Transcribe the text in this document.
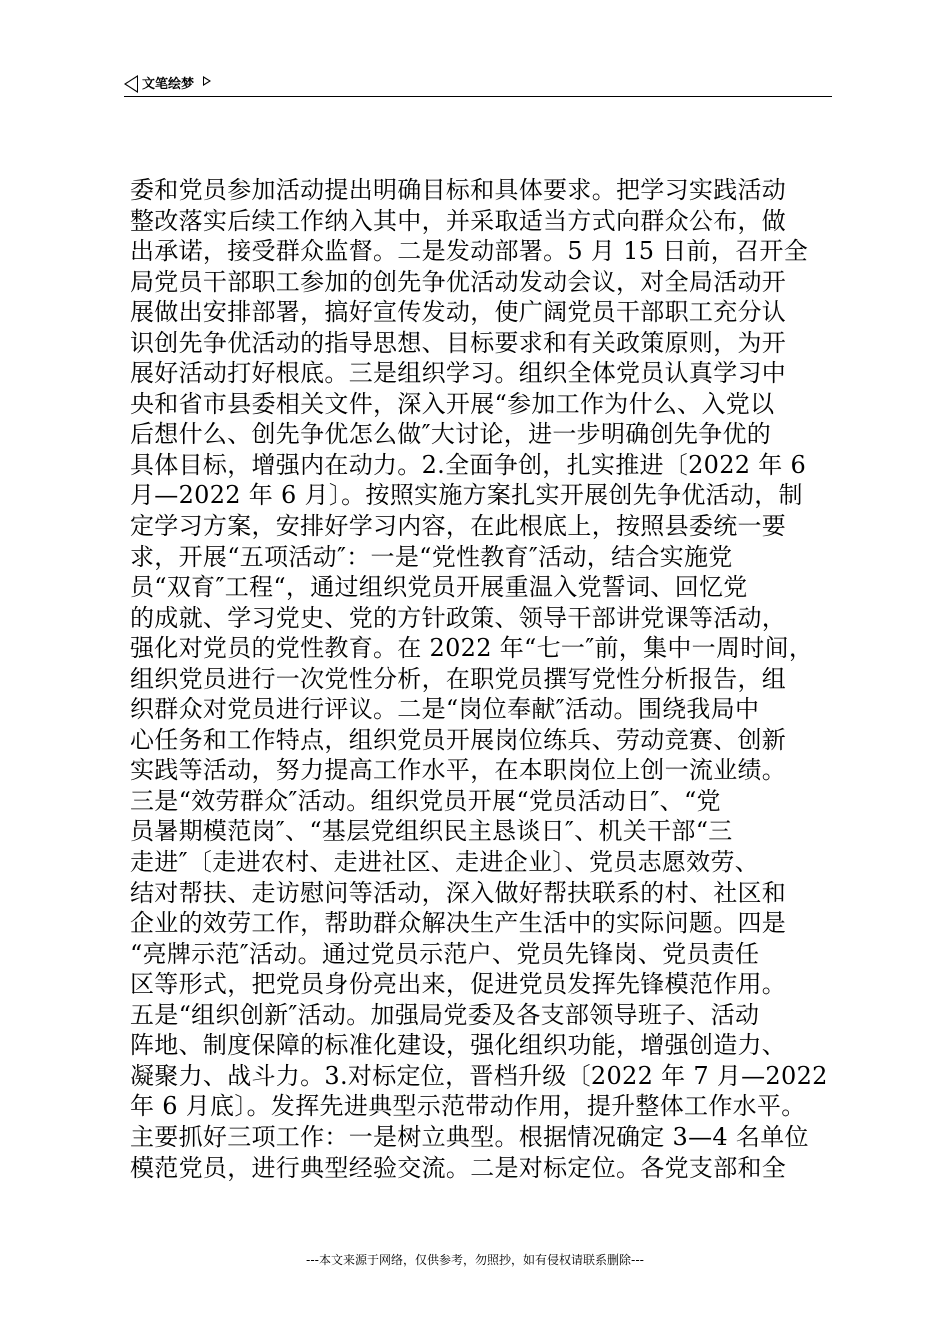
文笔绘梦
委和党员参加活动提出明确目标和具体要求。把学习实践活动
整改落实后续工作纳入其中，并采取适当方式向群众公布，做
出承诺，接受群众监督。二是发动部署。5 月 15 日前，召开全
局党员干部职工参加的创先争优活动发动会议，对全局活动开
展做出安排部署，搞好宣传发动，使广阔党员干部职工充分认
识创先争优活动的指导思想、目标要求和有关政策原则，为开
展好活动打好根底。三是组织学习。组织全体党员认真学习中
央和省市县委相关文件，深入开展“参加工作为什么、入党以
后想什么、创先争优怎么做″大讨论，进一步明确创先争优的
具体目标，增强内在动力。2.全面争创，扎实推进〔2022 年 6
月—2022 年 6 月〕。按照实施方案扎实开展创先争优活动，制
定学习方案，安排好学习内容，在此根底上，按照县委统一要
求，开展“五项活动″：一是“党性教育″活动，结合实施党
员“双育″工程“，通过组织党员开展重温入党誓词、回忆党
的成就、学习党史、党的方针政策、领导干部讲党课等活动，
强化对党员的党性教育。在 2022 年“七一″前，集中一周时间，
组织党员进行一次党性分析，在职党员撰写党性分析报告，组
织群众对党员进行评议。二是“岗位奉献″活动。围绕我局中
心任务和工作特点，组织党员开展岗位练兵、劳动竞赛、创新
实践等活动，努力提高工作水平，在本职岗位上创一流业绩。
三是“效劳群众″活动。组织党员开展“党员活动日″、“党
员暑期模范岗″、“基层党组织民主恳谈日″、机关干部“三
走进″〔走进农村、走进社区、走进企业〕、党员志愿效劳、
结对帮扶、走访慰问等活动，深入做好帮扶联系的村、社区和
企业的效劳工作，帮助群众解决生产生活中的实际问题。四是
“亮牌示范″活动。通过党员示范户、党员先锋岗、党员责任
区等形式，把党员身份亮出来，促进党员发挥先锋模范作用。
五是“组织创新″活动。加强局党委及各支部领导班子、活动
阵地、制度保障的标准化建设，强化组织功能，增强创造力、
凝聚力、战斗力。3.对标定位，晋档升级〔2022 年 7 月—2022
年 6 月底〕。发挥先进典型示范带动作用，提升整体工作水平。
主要抓好三项工作：一是树立典型。根据情况确定 3—4 名单位
模范党员，进行典型经验交流。二是对标定位。各党支部和全
---本文来源于网络，仅供参考，勿照抄，如有侵权请联系删除---
